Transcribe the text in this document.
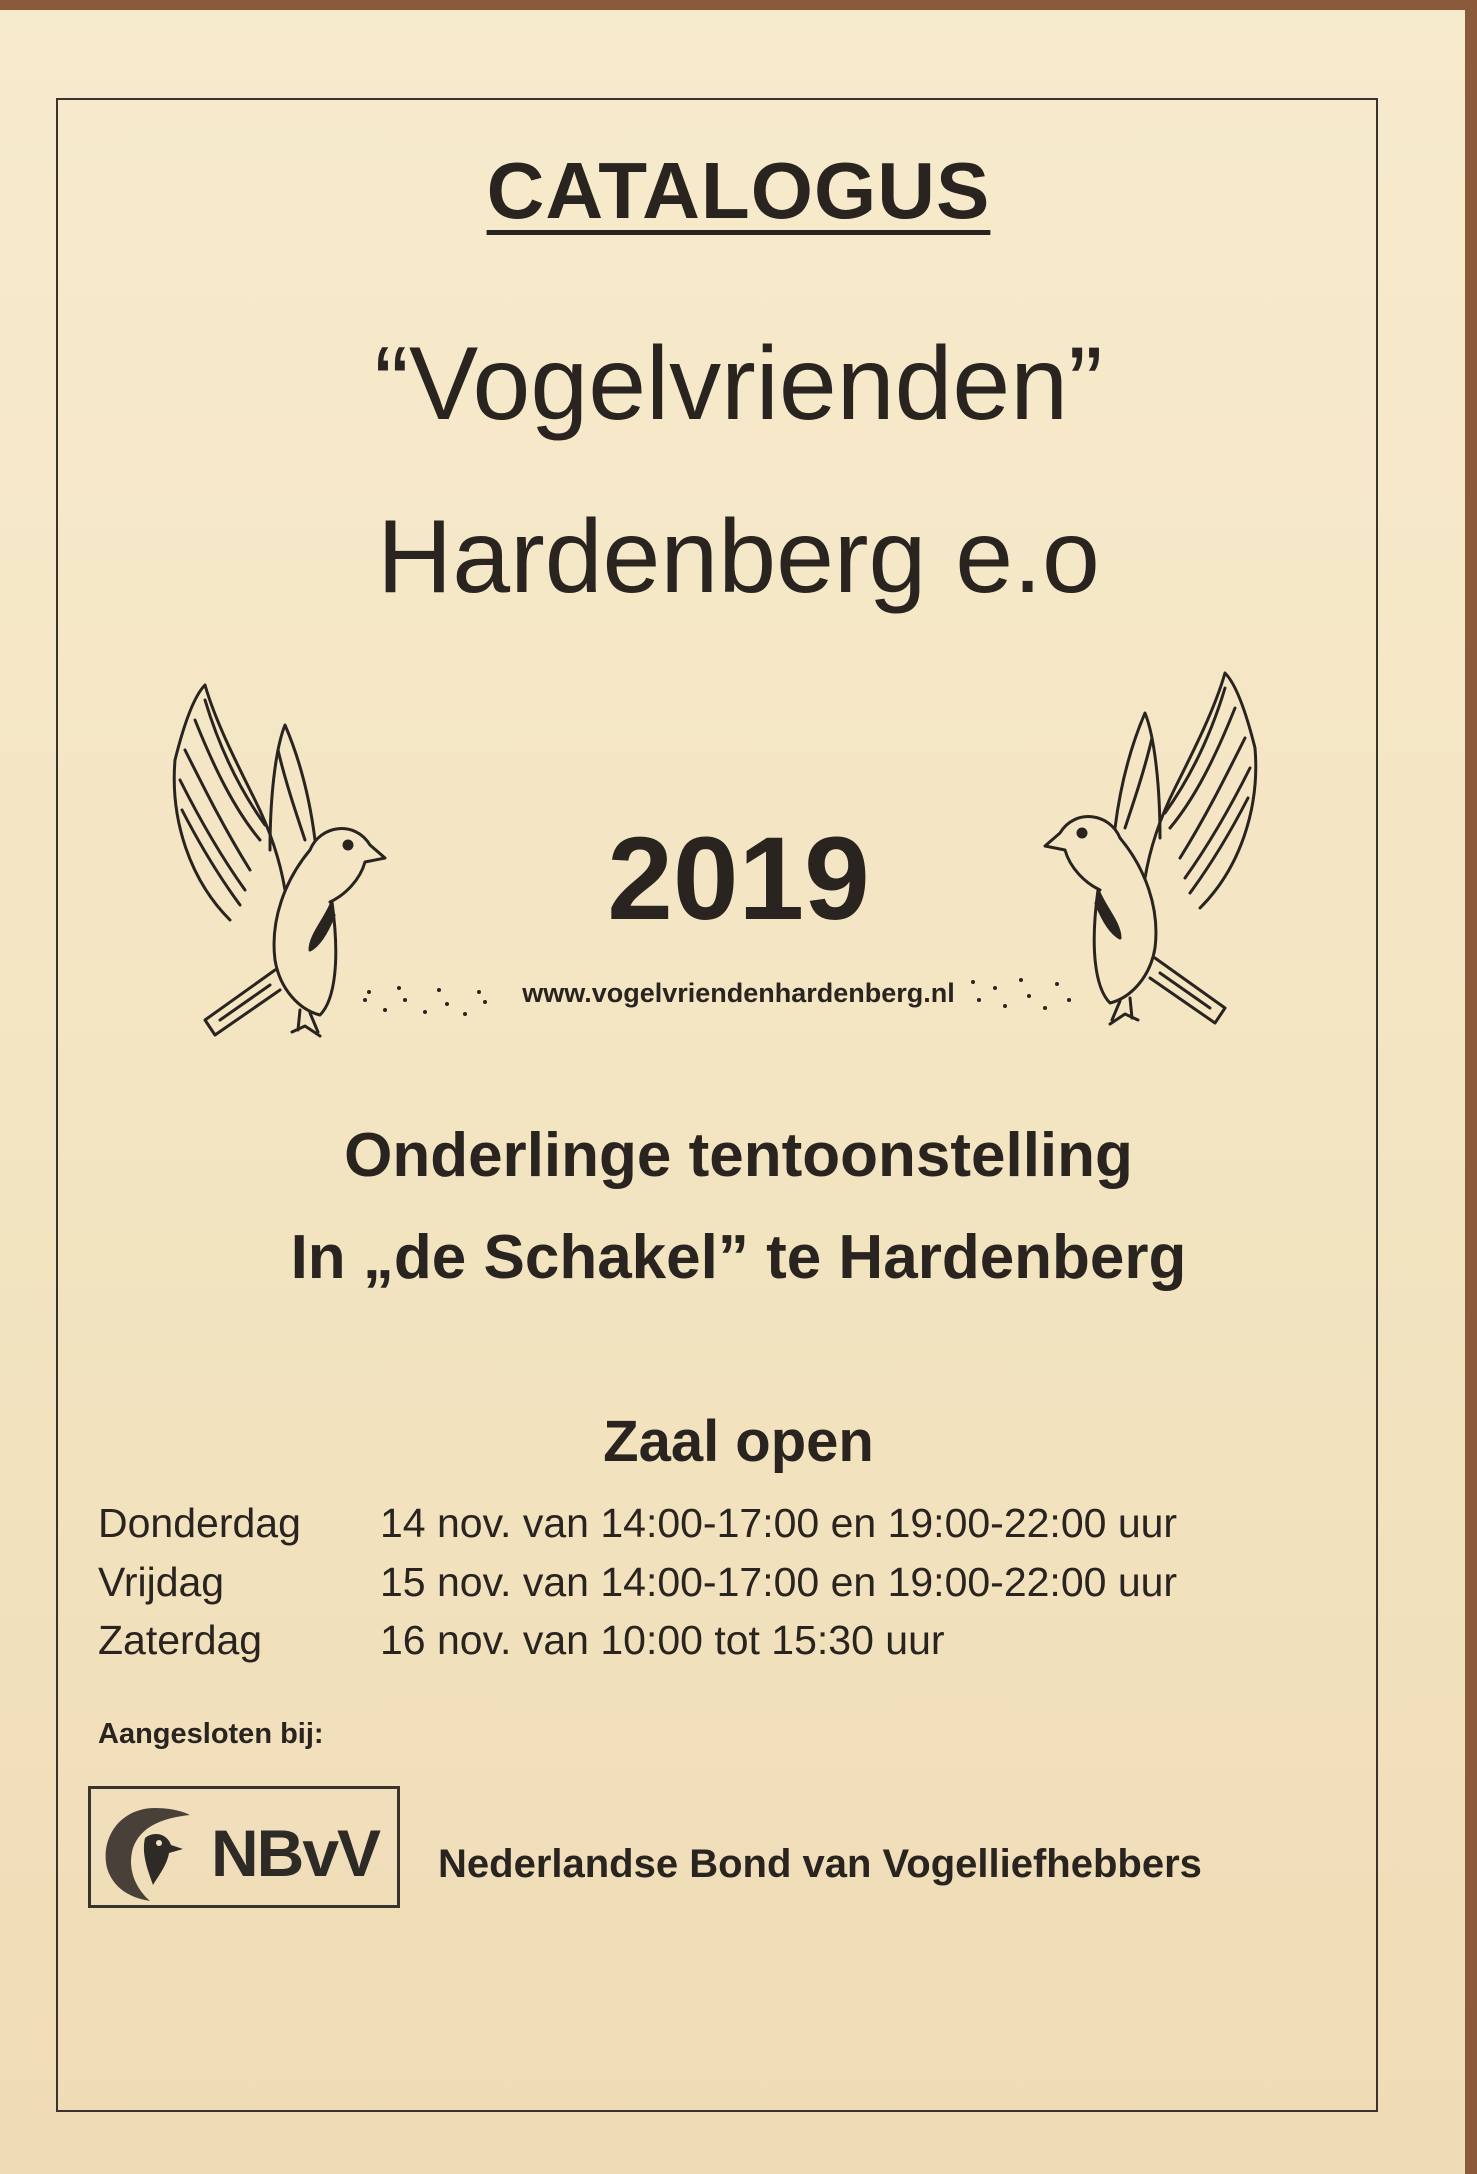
CATALOGUS
“Vogelvrienden”
Hardenberg e.o
2019
www.vogelvriendenhardenberg.nl
Onderlinge tentoonstelling
In „de Schakel” te Hardenberg
Zaal open
Donderdag 14 nov. van 14:00-17:00 en 19:00-22:00 uur
Vrijdag	15 nov. van 14:00-17:00 en 19:00-22:00 uur
Zaterdag	16 nov. van 10:00 tot 15:30 uur
Aangesloten bij:
NBvV Nederlandse Bond van Vogelliefhebbers
